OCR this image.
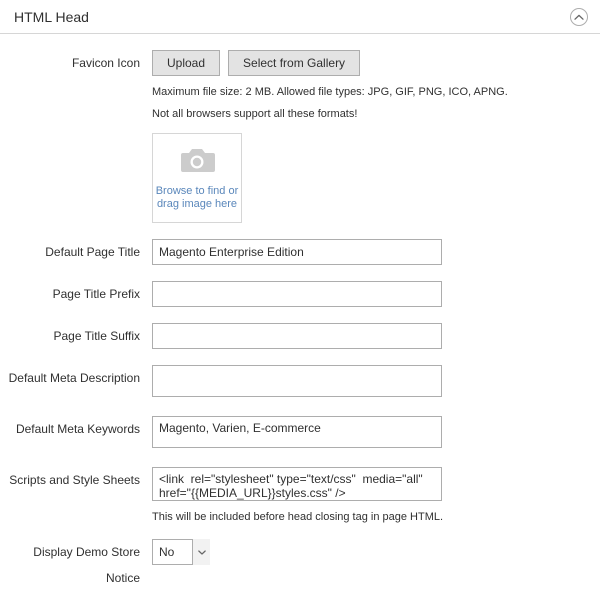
HTML Head
Favicon Icon	Upload	Select from Gallery
Maximum file size: 2 MB. Allowed file types: JPG, GIF, PNG, ICO, APNG.
Not all browsers support all these formats!
Browse to find or
drag image here
Default Page Title
Magento Enterprise Edition
Page Title Prefix
Page Title Suffix
Default Meta Description
Default Meta Keywords
Magento, Varien, E-commerce
Scripts and Style Sheets
<link rel="stylesheet" type="text/css" media="all" href="{{MEDIA_URL}}styles.css" />
This will be included before head closing tag in page HTML.
Display Demo Store Notice
No
